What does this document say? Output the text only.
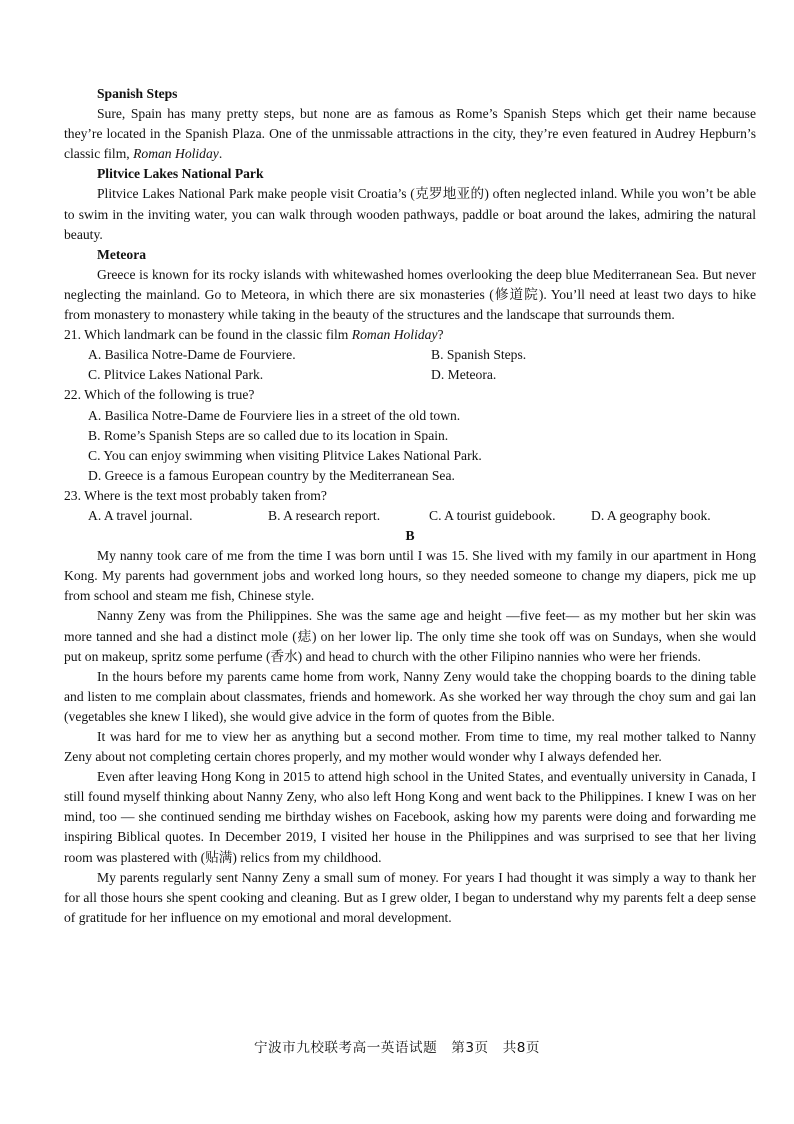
Spanish Steps

Sure, Spain has many pretty steps, but none are as famous as Rome’s Spanish Steps which get their name because they’re located in the Spanish Plaza. One of the unmissable attractions in the city, they’re even featured in Audrey Hepburn’s classic film, Roman Holiday.

Plitvice Lakes National Park

Plitvice Lakes National Park make people visit Croatia’s (克罗地亚的) often neglected inland. While you won’t be able to swim in the inviting water, you can walk through wooden pathways, paddle or boat around the lakes, admiring the natural beauty.

Meteora

Greece is known for its rocky islands with whitewashed homes overlooking the deep blue Mediterranean Sea. But never neglecting the mainland. Go to Meteora, in which there are six monasteries (修道院). You’ll need at least two days to hike from monastery to monastery while taking in the beauty of the structures and the landscape that surrounds them.

21. Which landmark can be found in the classic film Roman Holiday?
A. Basilica Notre-Dame de Fourviere.	B. Spanish Steps.
C. Plitvice Lakes National Park.	D. Meteora.
22. Which of the following is true?
A. Basilica Notre-Dame de Fourviere lies in a street of the old town.
B. Rome’s Spanish Steps are so called due to its location in Spain.
C. You can enjoy swimming when visiting Plitvice Lakes National Park.
D. Greece is a famous European country by the Mediterranean Sea.
23. Where is the text most probably taken from?
A. A travel journal.	B. A research report.	C. A tourist guidebook.	D. A geography book.
B

My nanny took care of me from the time I was born until I was 15. She lived with my family in our apartment in Hong Kong. My parents had government jobs and worked long hours, so they needed someone to change my diapers, pick me up from school and steam me fish, Chinese style.

Nanny Zeny was from the Philippines. She was the same age and height —five feet— as my mother but her skin was more tanned and she had a distinct mole (痣) on her lower lip. The only time she took off was on Sundays, when she would put on makeup, spritz some perfume (香水) and head to church with the other Filipino nannies who were her friends.

In the hours before my parents came home from work, Nanny Zeny would take the chopping boards to the dining table and listen to me complain about classmates, friends and homework. As she worked her way through the choy sum and gai lan (vegetables she knew I liked), she would give advice in the form of quotes from the Bible.

It was hard for me to view her as anything but a second mother. From time to time, my real mother talked to Nanny Zeny about not completing certain chores properly, and my mother would wonder why I always defended her.

Even after leaving Hong Kong in 2015 to attend high school in the United States, and eventually university in Canada, I still found myself thinking about Nanny Zeny, who also left Hong Kong and went back to the Philippines. I knew I was on her mind, too — she continued sending me birthday wishes on Facebook, asking how my parents were doing and forwarding me inspiring Biblical quotes. In December 2019, I visited her house in the Philippines and was surprised to see that her living room was plastered with (贴满) relics from my childhood.

My parents regularly sent Nanny Zeny a small sum of money. For years I had thought it was simply a way to thank her for all those hours she spent cooking and cleaning. But as I grew older, I began to understand why my parents felt a deep sense of gratitude for her influence on my emotional and moral development.

宁波市九校联考高一英语试题　第3页　共8页
